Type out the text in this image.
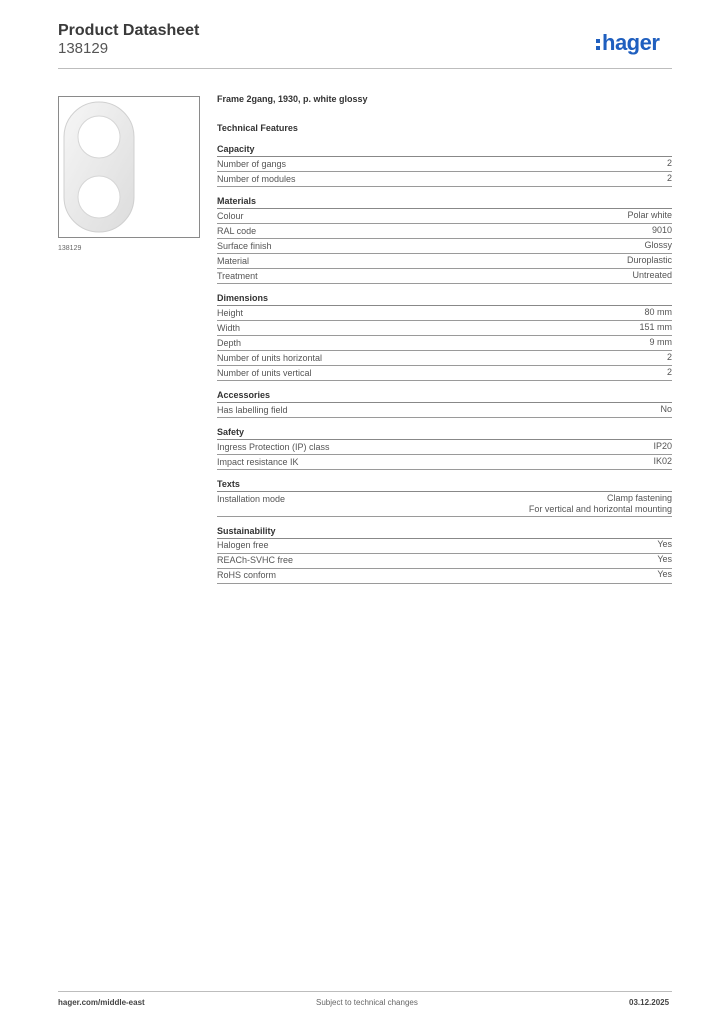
Product Datasheet
138129	hager
138129
Frame 2gang, 1930, p. white glossy
Technical Features
Capacity
Number of gangs	2
Number of modules	2
Materials
Colour	Polar white
RAL code	9010
Surface finish	Glossy
Material	Duroplastic
Treatment	Untreated
Dimensions
Height	80 mm
Width	151 mm
Depth	9 mm
Number of units horizontal	2
Number of units vertical	2
Accessories
Has labelling field	No
Safety
Ingress Protection (IP) class	IP20
Impact resistance IK	IK02
Texts
Installation mode	Clamp fastening
For vertical and horizontal mounting
Sustainability
Halogen free	Yes
REACh-SVHC free	Yes
RoHS conform	Yes
hager.com/middle-east	Subject to technical changes	03.12.2025
